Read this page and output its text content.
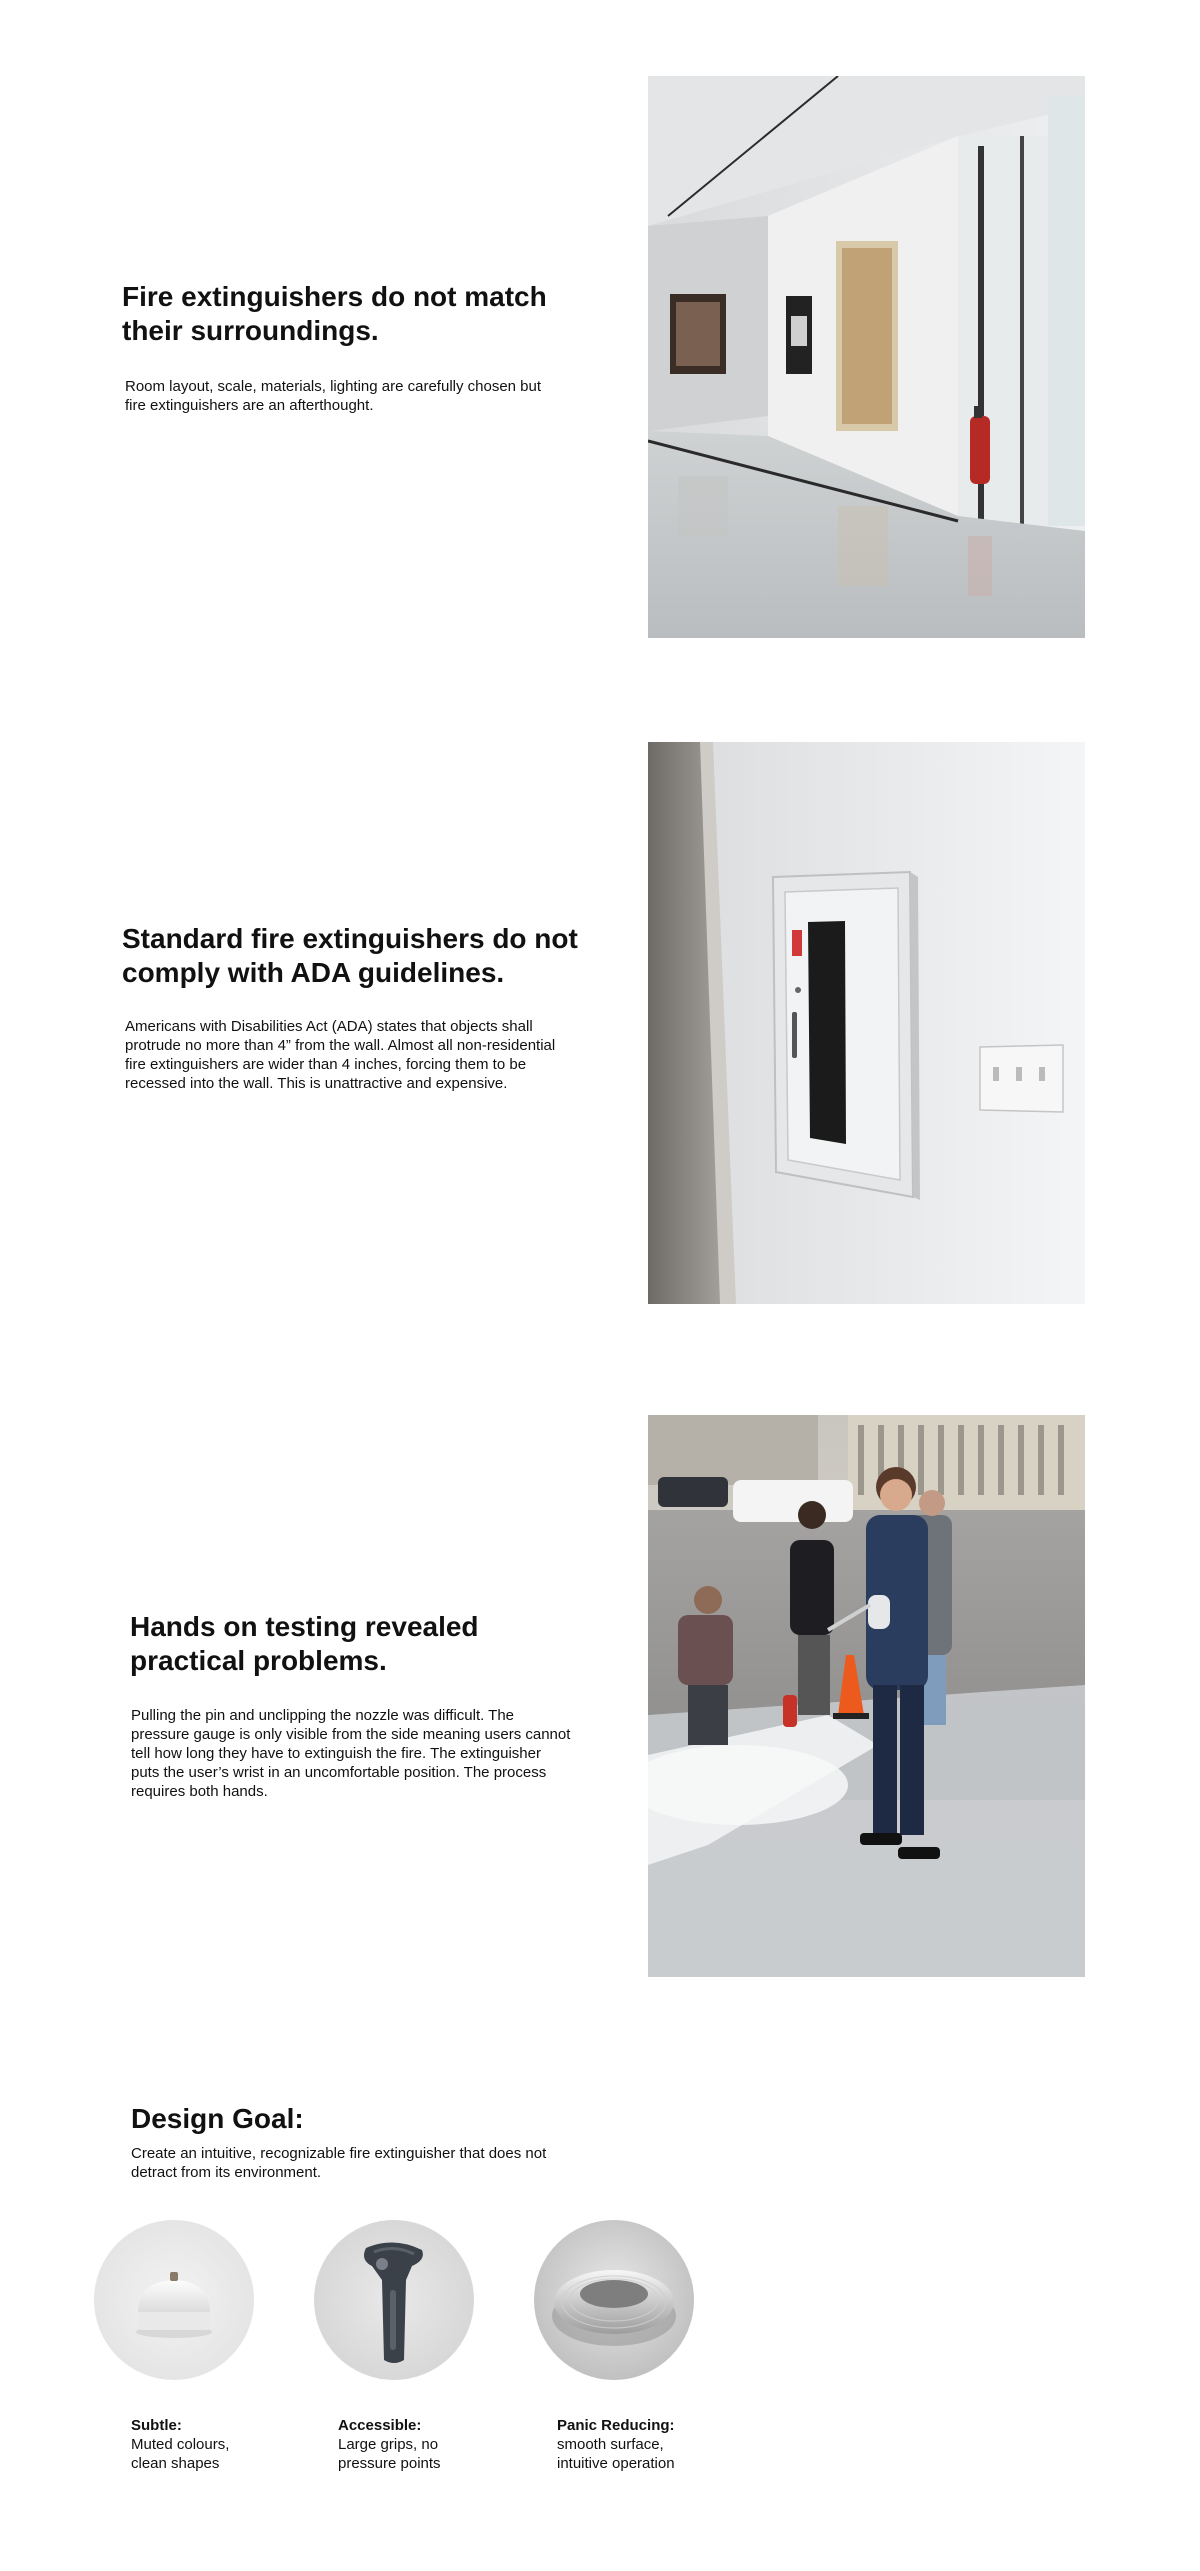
Fire extinguishers do not match their surroundings.

Room layout, scale, materials, lighting are carefully chosen but fire extinguishers are an afterthought.

Standard fire extinguishers do not comply with ADA guidelines.

Americans with Disabilities Act (ADA) states that objects shall protrude no more than 4” from the wall. Almost all non-residential fire extinguishers are wider than 4 inches, forcing them to be recessed into the wall. This is unattractive and expensive.

Hands on testing revealed practical problems.

Pulling the pin and unclipping the nozzle was difficult. The pressure gauge is only visible from the side meaning users cannot tell how long they have to extinguish the fire. The extinguisher puts the user’s wrist in an uncomfortable position. The process requires both hands.

Design Goal:

Create an intuitive, recognizable fire extinguisher that does not detract from its environment.

Subtle:
Muted colours, clean shapes
Accessible:
Large grips, no pressure points
Panic Reducing:
smooth surface, intuitive operation
